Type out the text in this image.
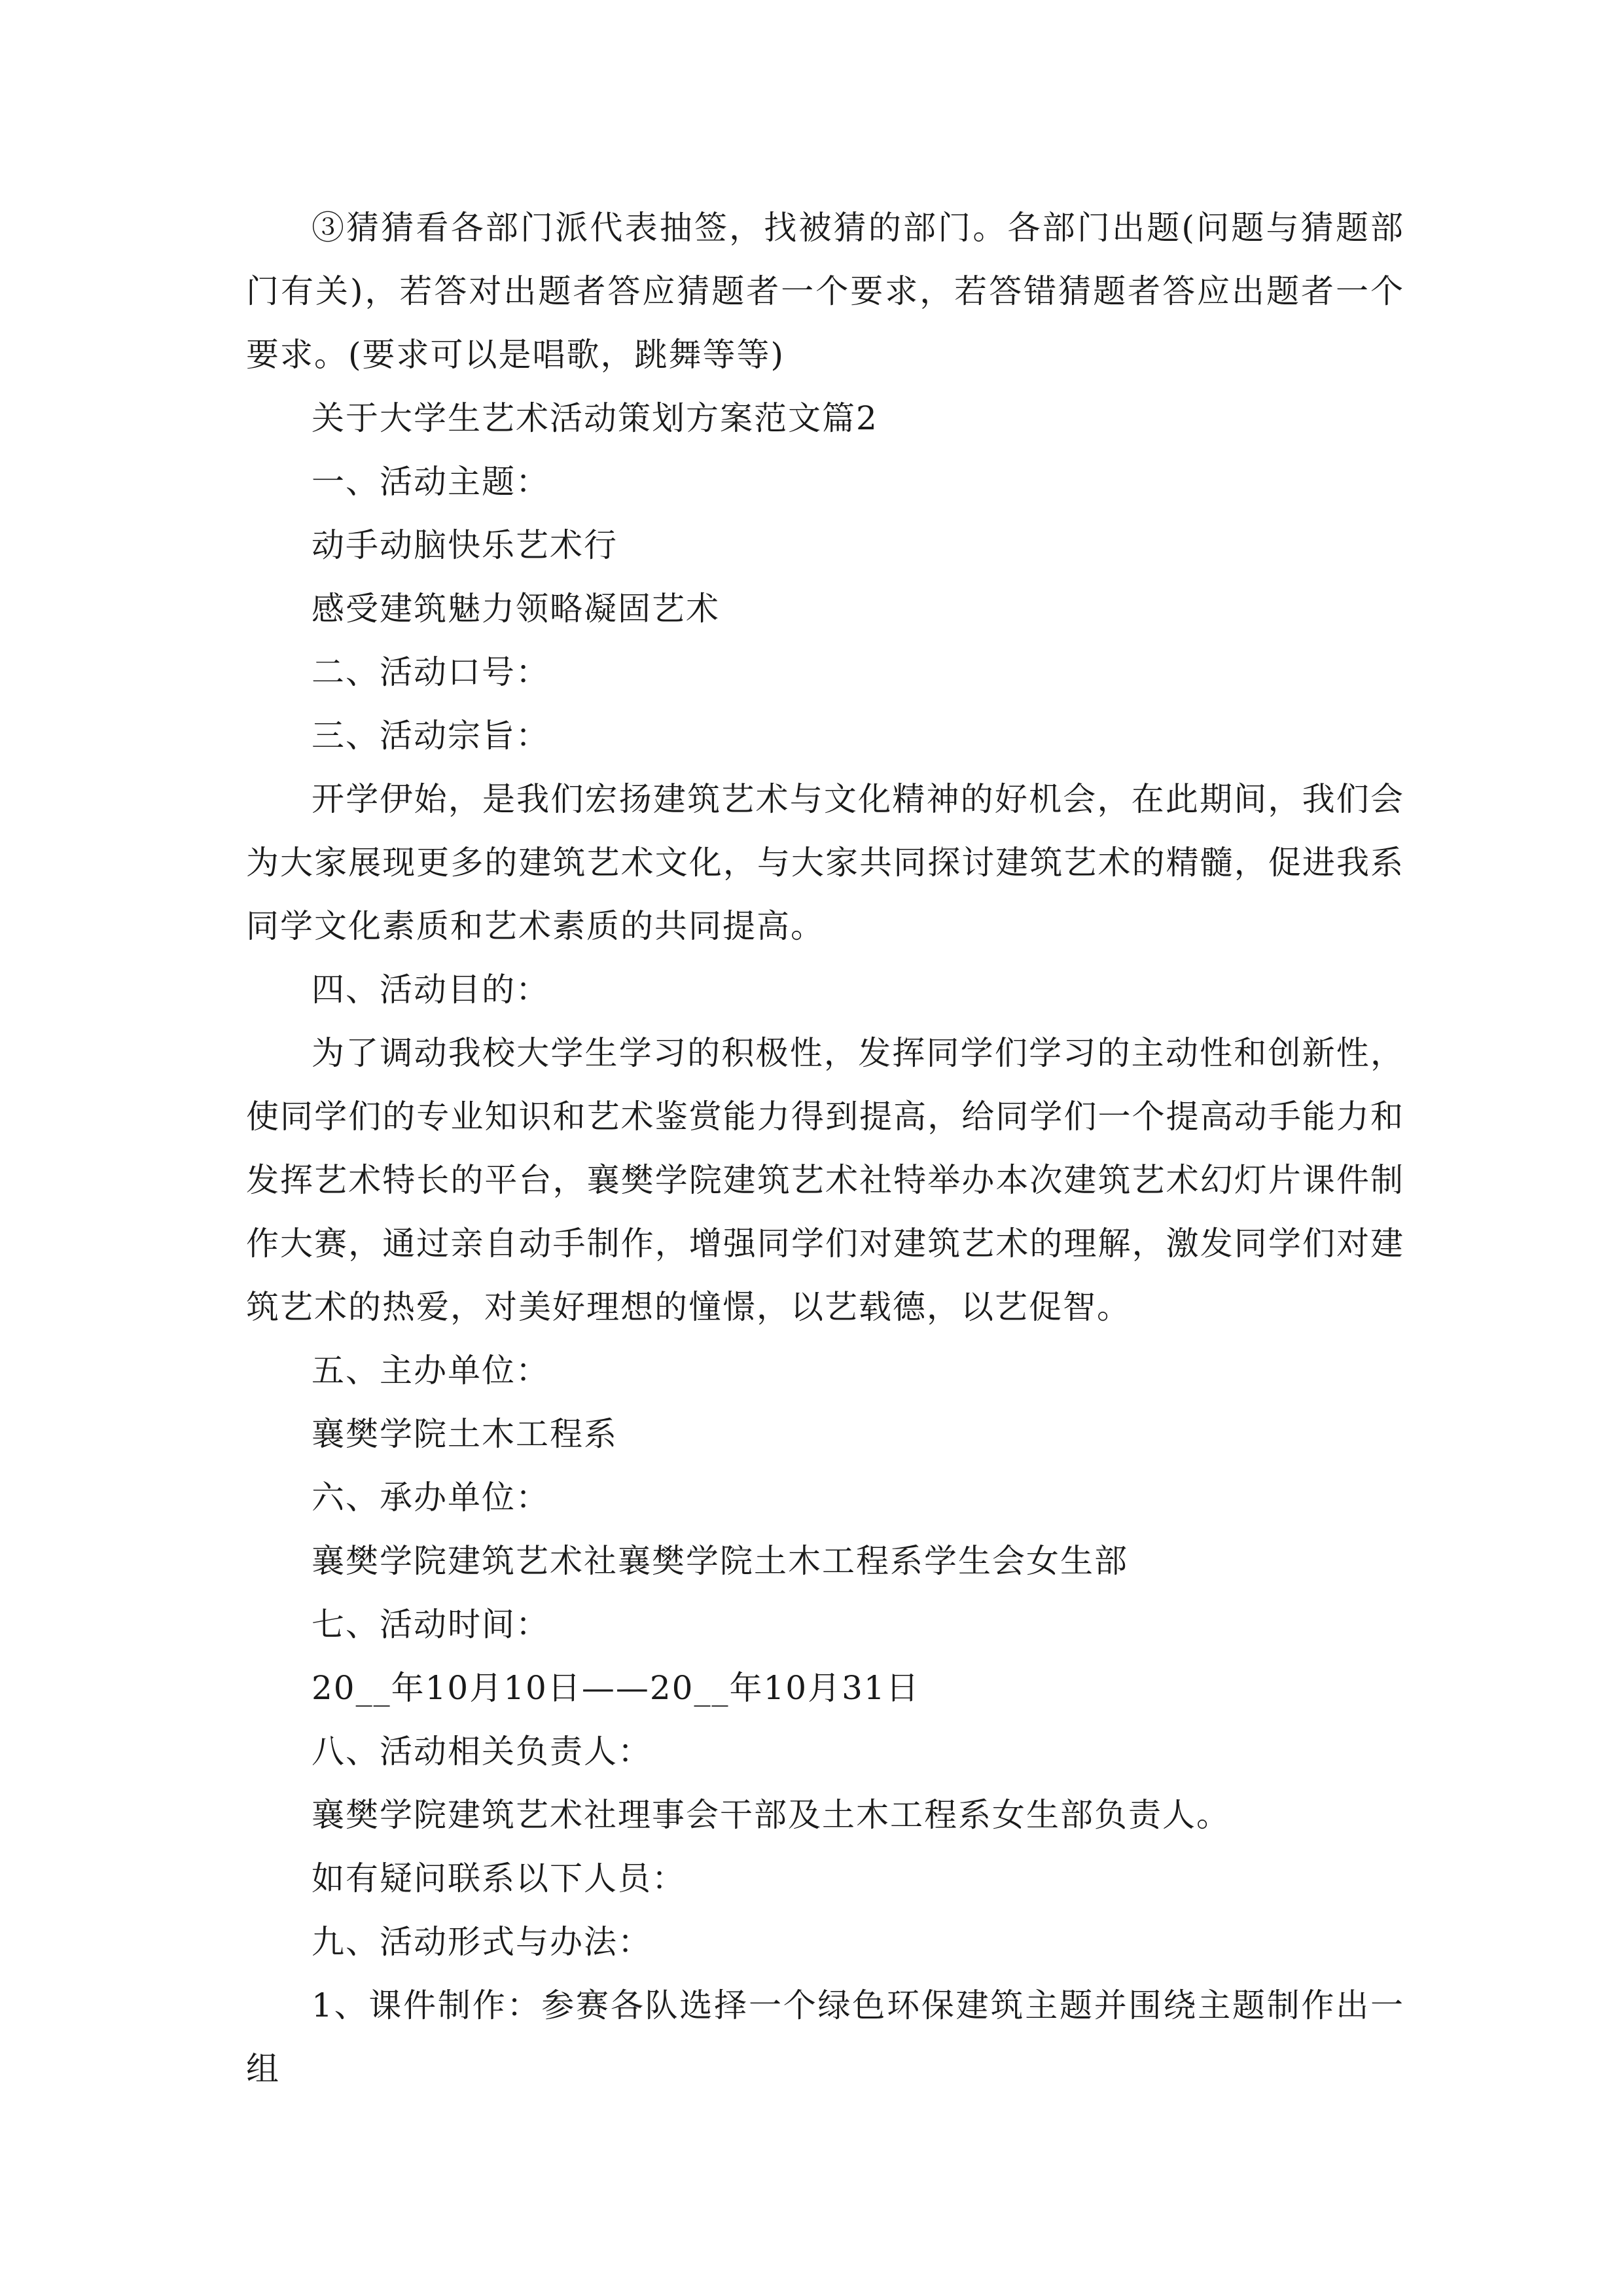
③猜猜看各部门派代表抽签，找被猜的部门。各部门出题(问题与猜题部门有关)，若答对出题者答应猜题者一个要求，若答错猜题者答应出题者一个要求。(要求可以是唱歌，跳舞等等)

关于大学生艺术活动策划方案范文篇2

一、活动主题：

动手动脑快乐艺术行

感受建筑魅力领略凝固艺术

二、活动口号：

三、活动宗旨：

开学伊始，是我们宏扬建筑艺术与文化精神的好机会，在此期间，我们会为大家展现更多的建筑艺术文化，与大家共同探讨建筑艺术的精髓，促进我系同学文化素质和艺术素质的共同提高。

四、活动目的：

为了调动我校大学生学习的积极性，发挥同学们学习的主动性和创新性，使同学们的专业知识和艺术鉴赏能力得到提高，给同学们一个提高动手能力和发挥艺术特长的平台，襄樊学院建筑艺术社特举办本次建筑艺术幻灯片课件制作大赛，通过亲自动手制作，增强同学们对建筑艺术的理解，激发同学们对建筑艺术的热爱，对美好理想的憧憬，以艺载德，以艺促智。

五、主办单位：

襄樊学院土木工程系

六、承办单位：

襄樊学院建筑艺术社襄樊学院土木工程系学生会女生部

七、活动时间：

20__年10月10日——20__年10月31日

八、活动相关负责人：

襄樊学院建筑艺术社理事会干部及土木工程系女生部负责人。

如有疑问联系以下人员：

九、活动形式与办法：

1、课件制作：参赛各队选择一个绿色环保建筑主题并围绕主题制作出一组
